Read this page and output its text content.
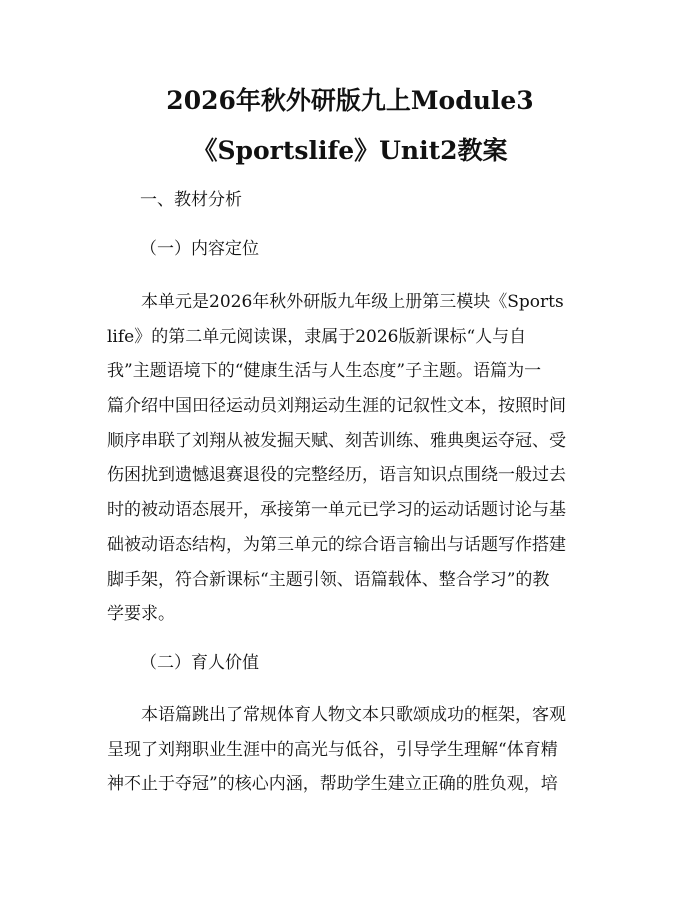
2026年秋外研版九上Module3
《Sportslife》Unit2教案
一、教材分析
（一）内容定位
　　本单元是2026年秋外研版九年级上册第三模块《Sports
life》的第二单元阅读课，隶属于2026版新课标“人与自
我”主题语境下的“健康生活与人生态度”子主题。语篇为一
篇介绍中国田径运动员刘翔运动生涯的记叙性文本，按照时间
顺序串联了刘翔从被发掘天赋、刻苦训练、雅典奥运夺冠、受
伤困扰到遗憾退赛退役的完整经历，语言知识点围绕一般过去
时的被动语态展开，承接第一单元已学习的运动话题讨论与基
础被动语态结构，为第三单元的综合语言输出与话题写作搭建
脚手架，符合新课标“主题引领、语篇载体、整合学习”的教
学要求。
（二）育人价值
　　本语篇跳出了常规体育人物文本只歌颂成功的框架，客观
呈现了刘翔职业生涯中的高光与低谷，引导学生理解“体育精
神不止于夺冠”的核心内涵，帮助学生建立正确的胜负观，培
